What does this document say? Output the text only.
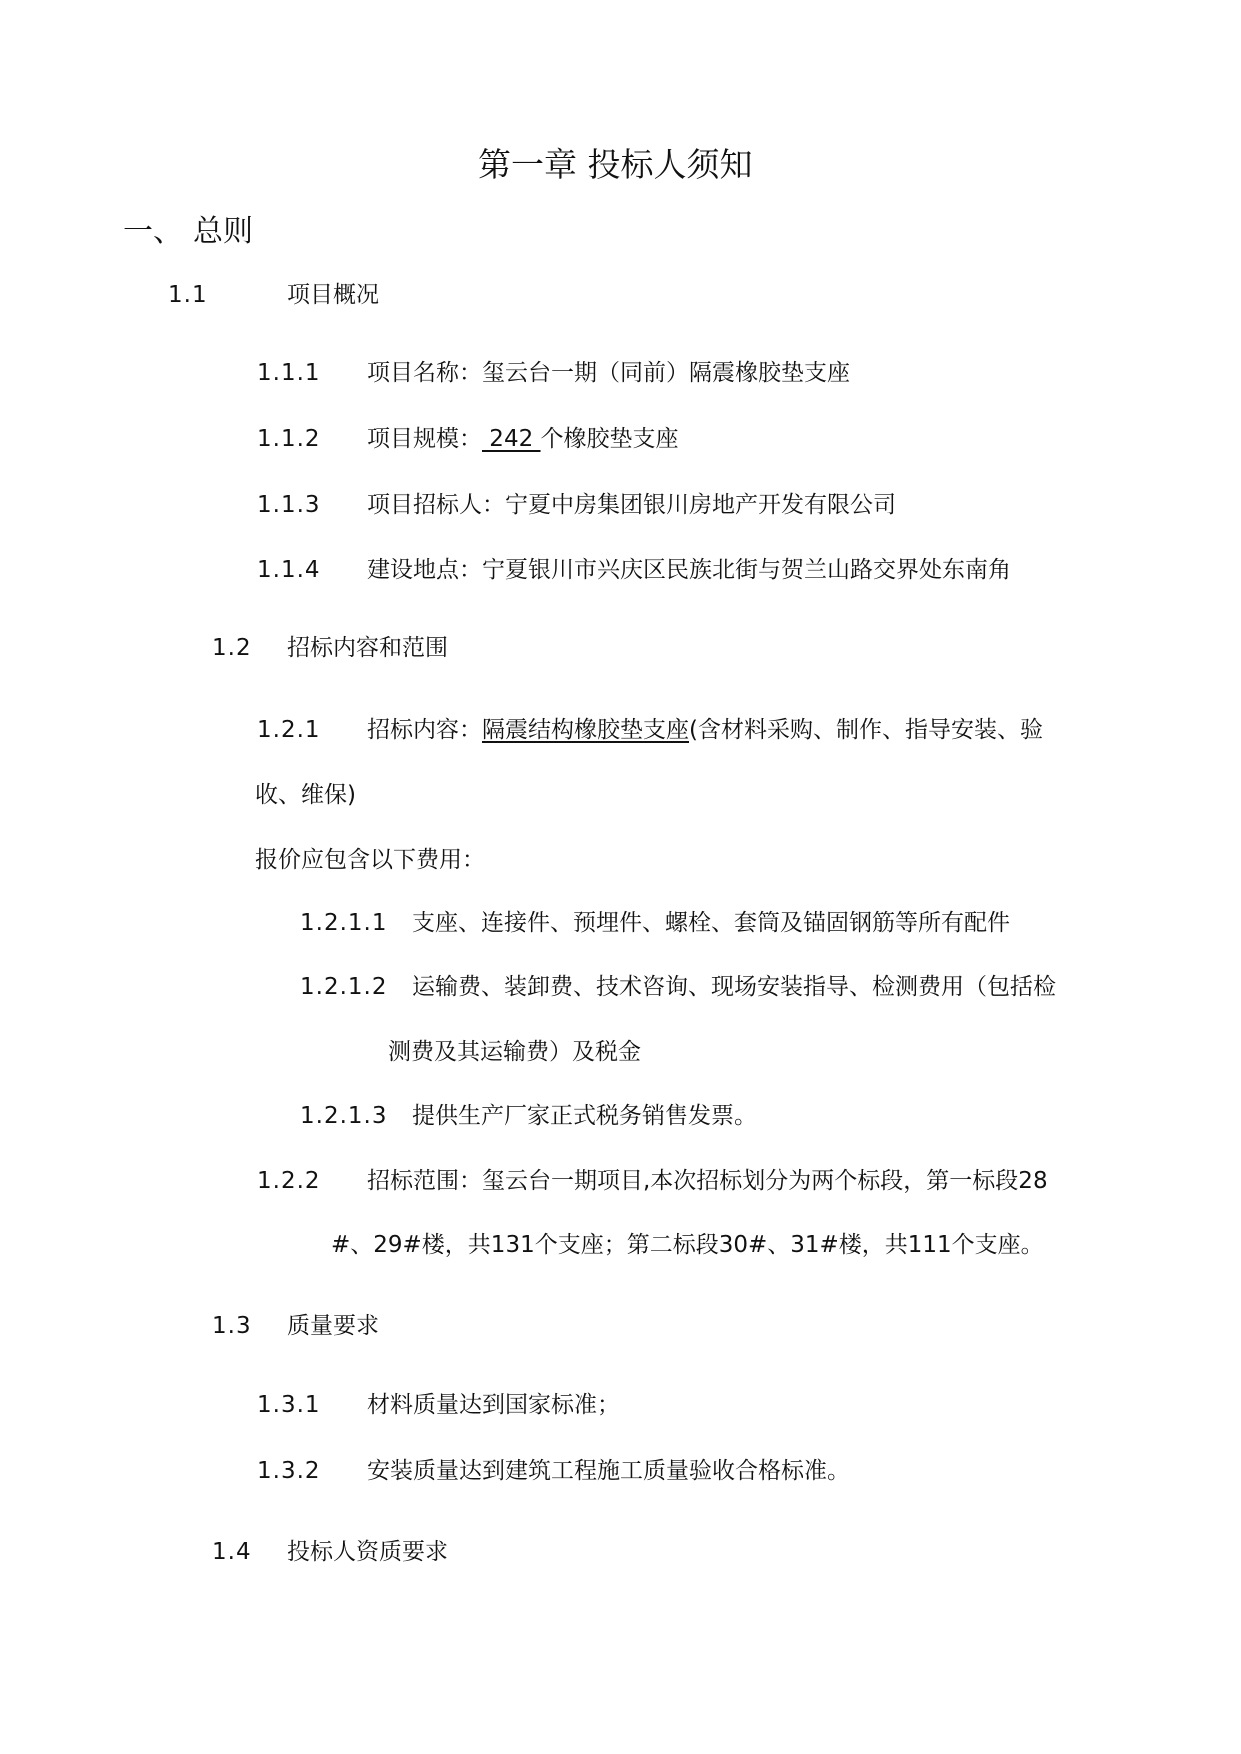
第一章 投标人须知
一、 总则
1.1	项目概况
1.1.1 项目名称：玺云台一期（同前）隔震橡胶垫支座
1.1.2 项目规模： 242 个橡胶垫支座
1.1.3 项目招标人：宁夏中房集团银川房地产开发有限公司
1.1.4 建设地点：宁夏银川市兴庆区民族北街与贺兰山路交界处东南角
1.2 招标内容和范围
1.2.1 招标内容：隔震结构橡胶垫支座(含材料采购、制作、指导安装、验
收、维保)
报价应包含以下费用：
1.2.1.1 支座、连接件、预埋件、螺栓、套筒及锚固钢筋等所有配件
1.2.1.2 运输费、装卸费、技术咨询、现场安装指导、检测费用（包括检
测费及其运输费）及税金
1.2.1.3 提供生产厂家正式税务销售发票。
1.2.2 招标范围：玺云台一期项目,本次招标划分为两个标段，第一标段28
#、29#楼，共131个支座；第二标段30#、31#楼，共111个支座。
1.3 质量要求
1.3.1 材料质量达到国家标准；
1.3.2 安装质量达到建筑工程施工质量验收合格标准。
1.4 投标人资质要求
